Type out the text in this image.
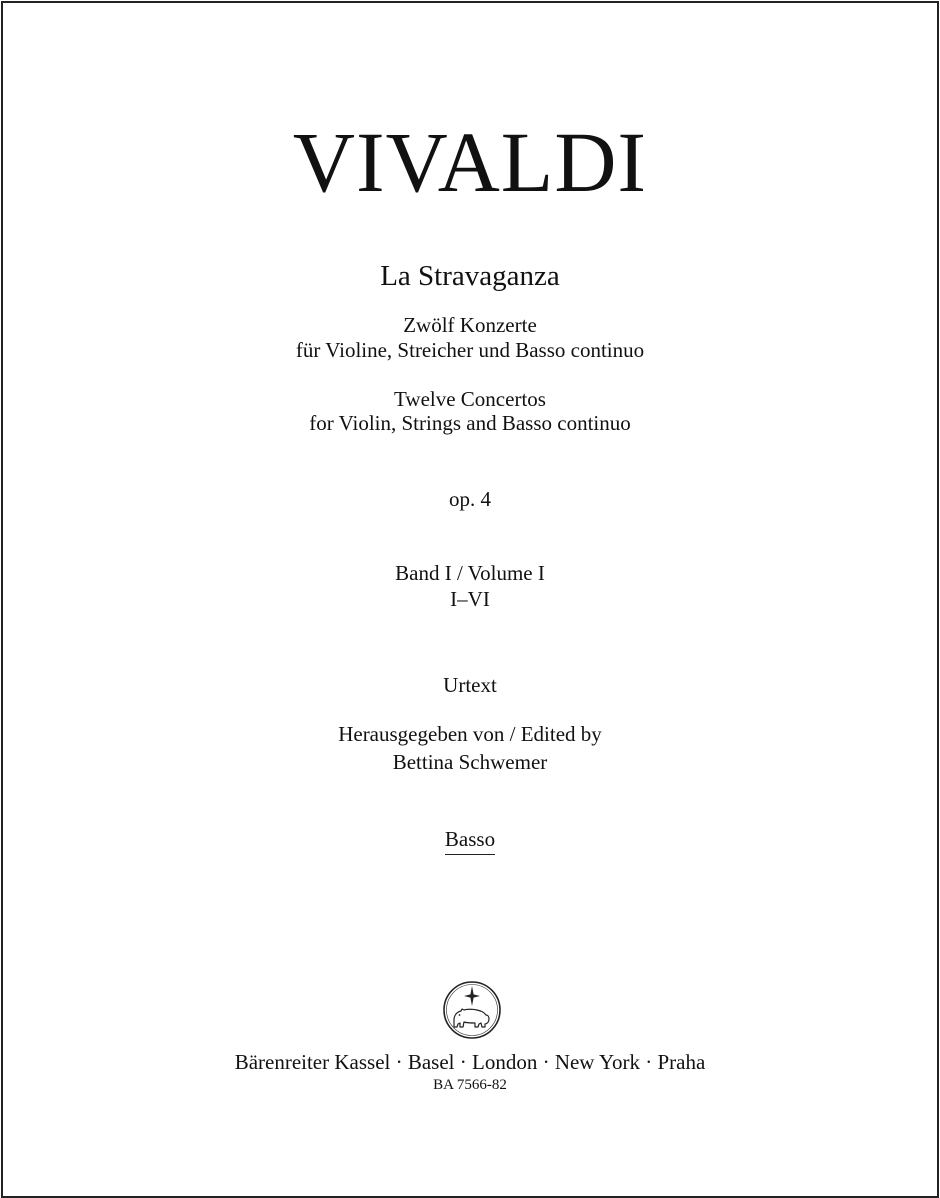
VIVALDI
La Stravaganza
Zwölf Konzerte
für Violine, Streicher und Basso continuo
Twelve Concertos
for Violin, Strings and Basso continuo
op. 4
Band I / Volume I
I–VI
Urtext
Herausgegeben von / Edited by
Bettina Schwemer
Basso
Bärenreiter Kassel · Basel · London · New York · Praha
BA 7566-82
